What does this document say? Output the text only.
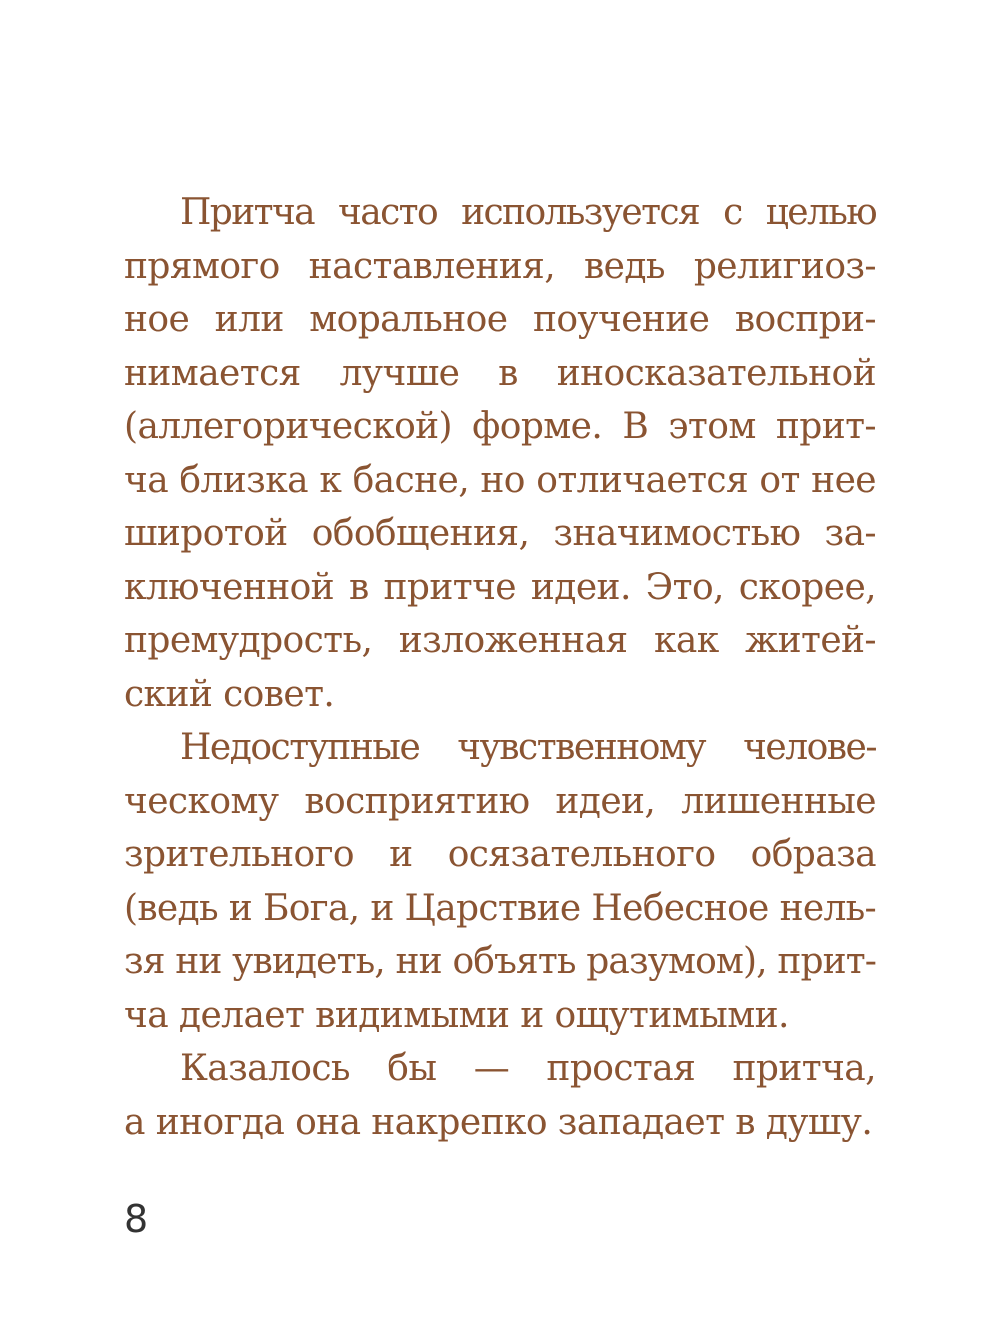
Притча часто используется с целью
прямого наставления, ведь религиоз-
ное или моральное поучение воспри-
нимается лучше в иносказательной
(аллегорической) форме. В этом прит-
ча близка к басне, но отличается от нее
широтой обобщения, значимостью за-
ключенной в притче идеи. Это, скорее,
премудрость, изложенная как житей-
ский совет.
Недоступные чувственному челове-
ческому восприятию идеи, лишенные
зрительного и осязательного образа
(ведь и Бога, и Царствие Небесное нель-
зя ни увидеть, ни объять разумом), прит-
ча делает видимыми и ощутимыми.
Казалось бы — простая притча,
а иногда она накрепко западает в душу.
8
